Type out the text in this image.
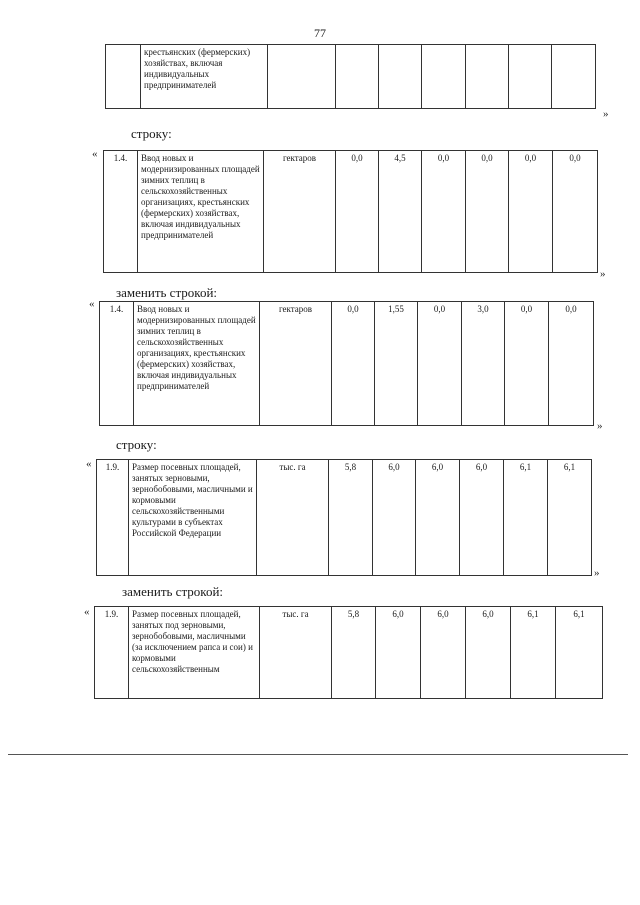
77
	крестьянских (фермерских) хозяйствах, включая индивидуальных предпринимателей							
»
строку:
« 1.4.	Ввод новых и модернизированных площадей зимних теплиц в сельскохозяйственных организациях, крестьянских (фермерских) хозяйствах, включая индивидуальных предпринимателей	гектаров	0,0	4,5	0,0	0,0	0,0	0,0
»
заменить строкой:
« 1.4.	Ввод новых и модернизированных площадей зимних теплиц в сельскохозяйственных организациях, крестьянских (фермерских) хозяйствах, включая индивидуальных предпринимателей	гектаров	0,0	1,55	0,0	3,0	0,0	0,0
»
строку:
« 1.9.	Размер посевных площадей, занятых зерновыми, зернобобовыми, масличными и кормовыми сельскохозяйственными культурами в субъектах Российской Федерации	тыс. га	5,8	6,0	6,0	6,0	6,1	6,1
»
заменить строкой:
« 1.9.	Размер посевных площадей, занятых под зерновыми, зернобобовыми, масличными (за исключением рапса и сои) и кормовыми сельскохозяйственным	тыс. га	5,8	6,0	6,0	6,0	6,1	6,1
